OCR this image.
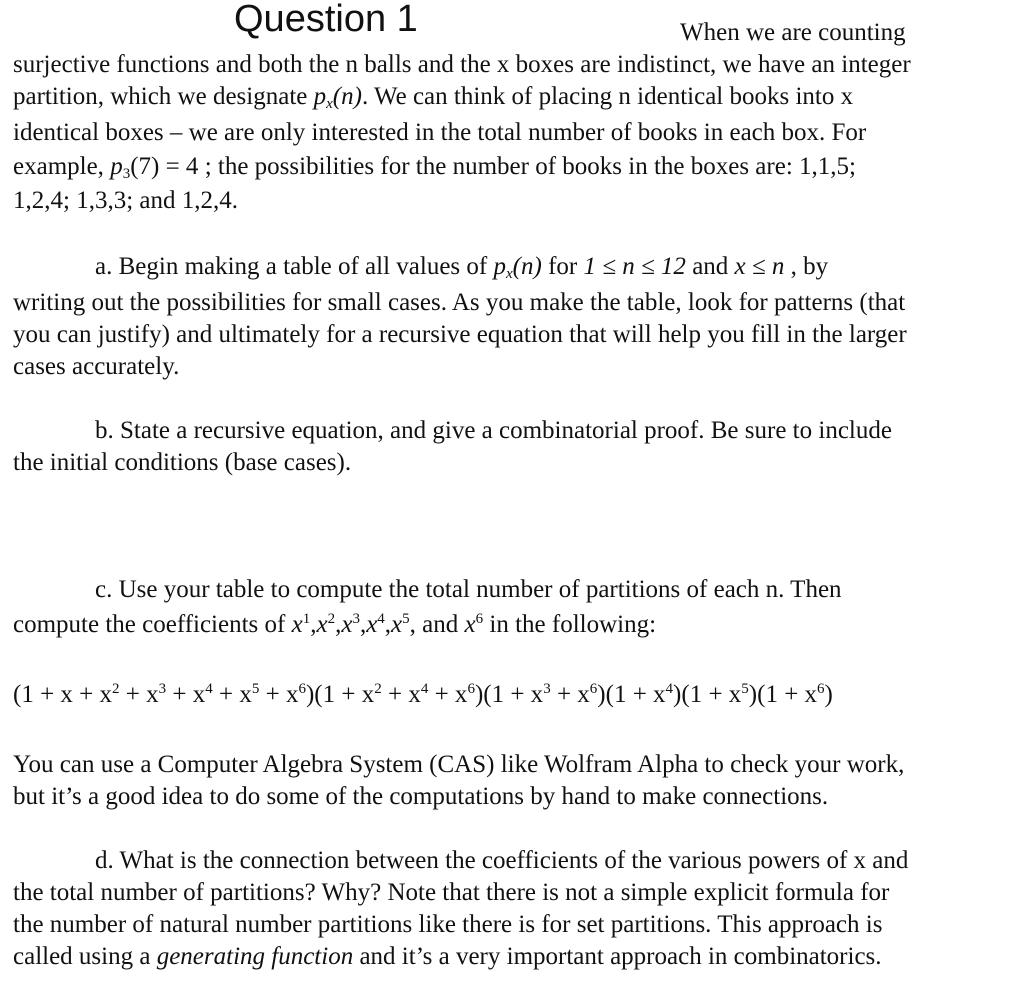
Question 1	When we are counting
surjective functions and both the n balls and the x boxes are indistinct, we have an integer
partition, which we designate $p_x(n)$. We can think of placing n identical books into x
identical boxes – we are only interested in the total number of books in each box. For
example, $p_3(7) = 4$ ; the possibilities for the number of books in the boxes are: 1,1,5;
1,2,4; 1,3,3; and 1,2,4.
a. Begin making a table of all values of $p_x(n)$ for 1 ≤ n ≤ 12 and x ≤ n , by
writing out the possibilities for small cases. As you make the table, look for patterns (that
you can justify) and ultimately for a recursive equation that will help you fill in the larger
cases accurately.
b. State a recursive equation, and give a combinatorial proof. Be sure to include
the initial conditions (base cases).
c. Use your table to compute the total number of partitions of each n. Then
compute the coefficients of $x^1,x^2,x^3,x^4,x^5$, and $x^6$ in the following:
$(1 + x + x^2 + x^3 + x^4 + x^5 + x^6)(1 + x^2 + x^4 + x^6)(1 + x^3 + x^6)(1 + x^4)(1 + x^5)(1 + x^6)$
You can use a Computer Algebra System (CAS) like Wolfram Alpha to check your work,
but it’s a good idea to do some of the computations by hand to make connections.
d. What is the connection between the coefficients of the various powers of x and
the total number of partitions? Why? Note that there is not a simple explicit formula for
the number of natural number partitions like there is for set partitions. This approach is
called using a generating function and it’s a very important approach in combinatorics.
